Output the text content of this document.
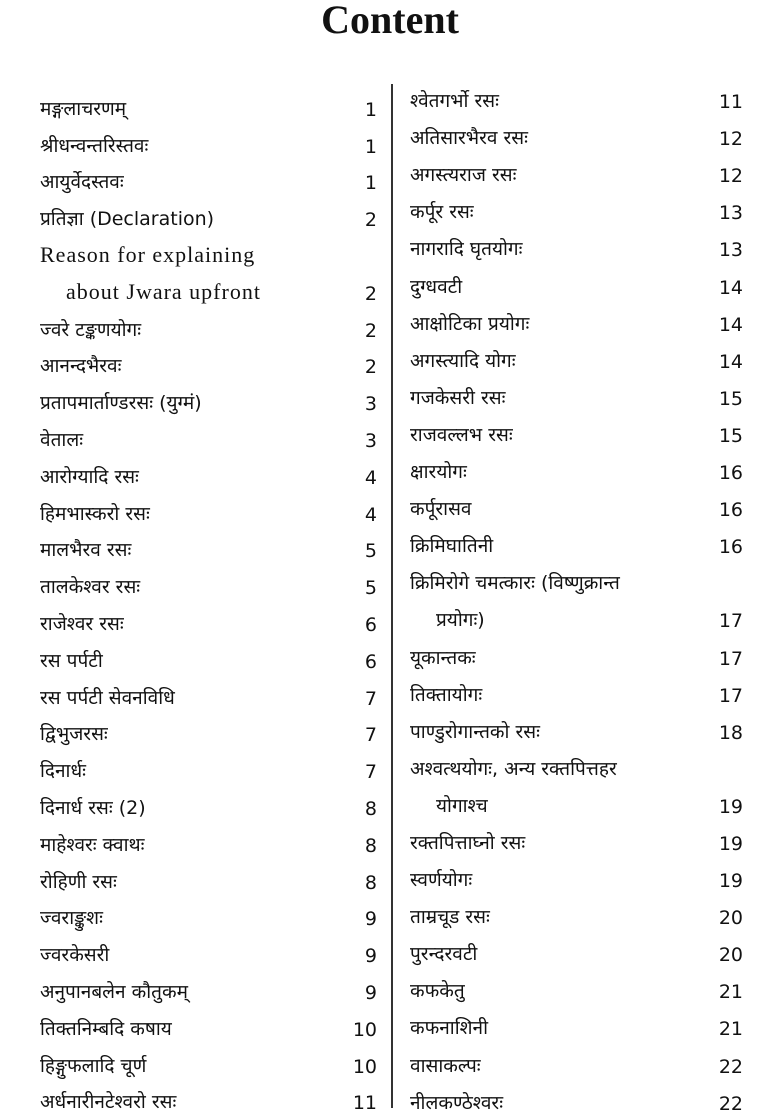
Content
मङ्गलाचरणम्	1
श्रीधन्वन्तरिस्तवः	1
आयुर्वेदस्तवः	1
प्रतिज्ञा (Declaration)	2
Reason for explaining
about Jwara upfront	2
ज्वरे टङ्कणयोगः	2
आनन्दभैरवः	2
प्रतापमार्ताण्डरसः (युग्मं)	3
वेतालः	3
आरोग्यादि रसः	4
हिमभास्करो रसः	4
मालभैरव रसः	5
तालकेश्वर रसः	5
राजेश्वर रसः	6
रस पर्पटी	6
रस पर्पटी सेवनविधि	7
द्विभुजरसः	7
दिनार्धः	7
दिनार्ध रसः (2)	8
माहेश्वरः क्वाथः	8
रोहिणी रसः	8
ज्वराङ्कुशः	9
ज्वरकेसरी	9
अनुपानबलेन कौतुकम्	9
तिक्तनिम्बदि कषाय	10
हिङ्गुफलादि चूर्ण	10
अर्धनारीनटेश्वरो रसः	11
श्वेतगर्भो रसः	11
अतिसारभैरव रसः	12
अगस्त्यराज रसः	12
कर्पूर रसः	13
नागरादि घृतयोगः	13
दुग्धवटी	14
आक्षोटिका प्रयोगः	14
अगस्त्यादि योगः	14
गजकेसरी रसः	15
राजवल्लभ रसः	15
क्षारयोगः	16
कर्पूरासव	16
क्रिमिघातिनी	16
क्रिमिरोगे चमत्कारः (विष्णुक्रान्त
प्रयोगः)	17
यूकान्तकः	17
तिक्तायोगः	17
पाण्डुरोगान्तको रसः	18
अश्वत्थयोगः, अन्य रक्तपित्तहर
योगाश्च	19
रक्तपित्ताघ्नो रसः	19
स्वर्णयोगः	19
ताम्रचूड रसः	20
पुरन्दरवटी	20
कफकेतु	21
कफनाशिनी	21
वासाकल्पः	22
नीलकण्ठेश्वरः	22
